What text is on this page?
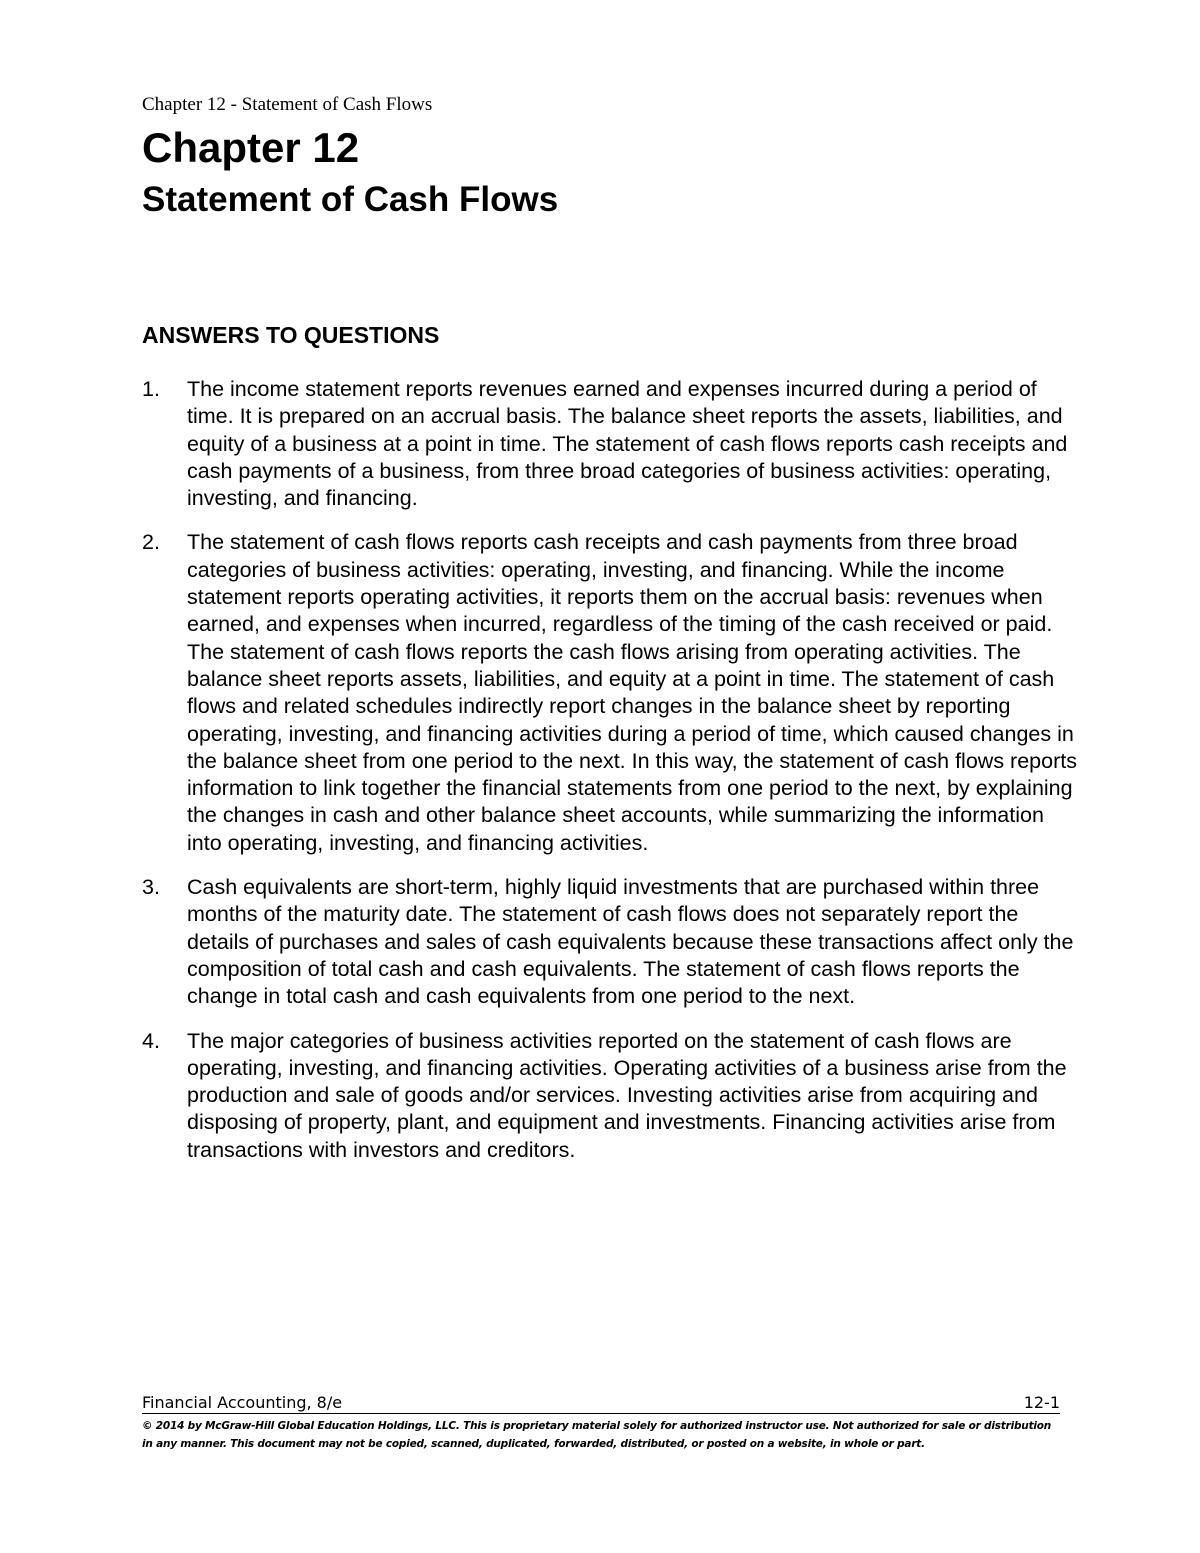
Chapter 12 - Statement of Cash Flows
Chapter 12
Statement of Cash Flows
ANSWERS TO QUESTIONS
1. The income statement reports revenues earned and expenses incurred during a period of time. It is prepared on an accrual basis. The balance sheet reports the assets, liabilities, and equity of a business at a point in time. The statement of cash flows reports cash receipts and cash payments of a business, from three broad categories of business activities: operating, investing, and financing.
2. The statement of cash flows reports cash receipts and cash payments from three broad categories of business activities: operating, investing, and financing. While the income statement reports operating activities, it reports them on the accrual basis: revenues when earned, and expenses when incurred, regardless of the timing of the cash received or paid. The statement of cash flows reports the cash flows arising from operating activities. The balance sheet reports assets, liabilities, and equity at a point in time. The statement of cash flows and related schedules indirectly report changes in the balance sheet by reporting operating, investing, and financing activities during a period of time, which caused changes in the balance sheet from one period to the next. In this way, the statement of cash flows reports information to link together the financial statements from one period to the next, by explaining the changes in cash and other balance sheet accounts, while summarizing the information into operating, investing, and financing activities.
3. Cash equivalents are short-term, highly liquid investments that are purchased within three months of the maturity date. The statement of cash flows does not separately report the details of purchases and sales of cash equivalents because these transactions affect only the composition of total cash and cash equivalents. The statement of cash flows reports the change in total cash and cash equivalents from one period to the next.
4. The major categories of business activities reported on the statement of cash flows are operating, investing, and financing activities. Operating activities of a business arise from the production and sale of goods and/or services. Investing activities arise from acquiring and disposing of property, plant, and equipment and investments. Financing activities arise from transactions with investors and creditors.
Financial Accounting, 8/e	12-1
© 2014 by McGraw-Hill Global Education Holdings, LLC. This is proprietary material solely for authorized instructor use. Not authorized for sale or distribution in any manner. This document may not be copied, scanned, duplicated, forwarded, distributed, or posted on a website, in whole or part.
